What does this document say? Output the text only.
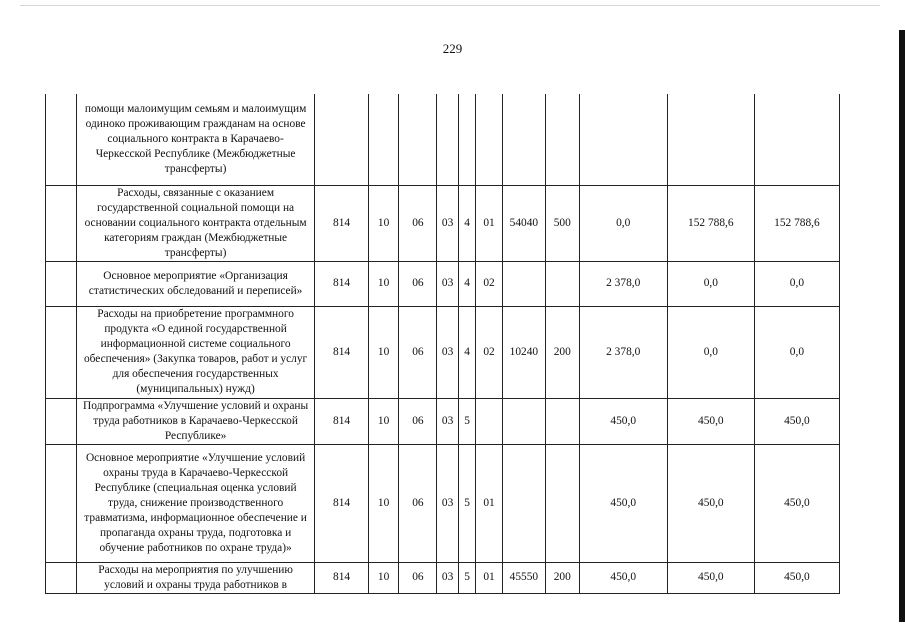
229
	помощи малоимущим семьям и малоимущим одиноко проживающим гражданам на основе социального контракта в Карачаево-Черкесской Республике (Межбюджетные трансферты)											
	Расходы, связанные с оказанием государственной социальной помощи на основании социального контракта отдельным категориям граждан (Межбюджетные трансферты)	814	10	06	03	4	01	54040	500	0,0	152 788,6	152 788,6
	Основное мероприятие «Организация статистических обследований и переписей»	814	10	06	03	4	02			2 378,0	0,0	0,0
	Расходы на приобретение программного продукта «О единой государственной информационной системе социального обеспечения» (Закупка товаров, работ и услуг для обеспечения государственных (муниципальных) нужд)	814	10	06	03	4	02	10240	200	2 378,0	0,0	0,0
	Подпрограмма «Улучшение условий и охраны труда работников в Карачаево-Черкесской Республике»	814	10	06	03	5				450,0	450,0	450,0
	Основное мероприятие «Улучшение условий охраны труда в Карачаево-Черкесской Республике (специальная оценка условий труда, снижение производственного травматизма, информационное обеспечение и пропаганда охраны труда, подготовка и обучение работников по охране труда)»	814	10	06	03	5	01			450,0	450,0	450,0
	Расходы на мероприятия по улучшению условий и охраны труда работников в	814	10	06	03	5	01	45550	200	450,0	450,0	450,0
